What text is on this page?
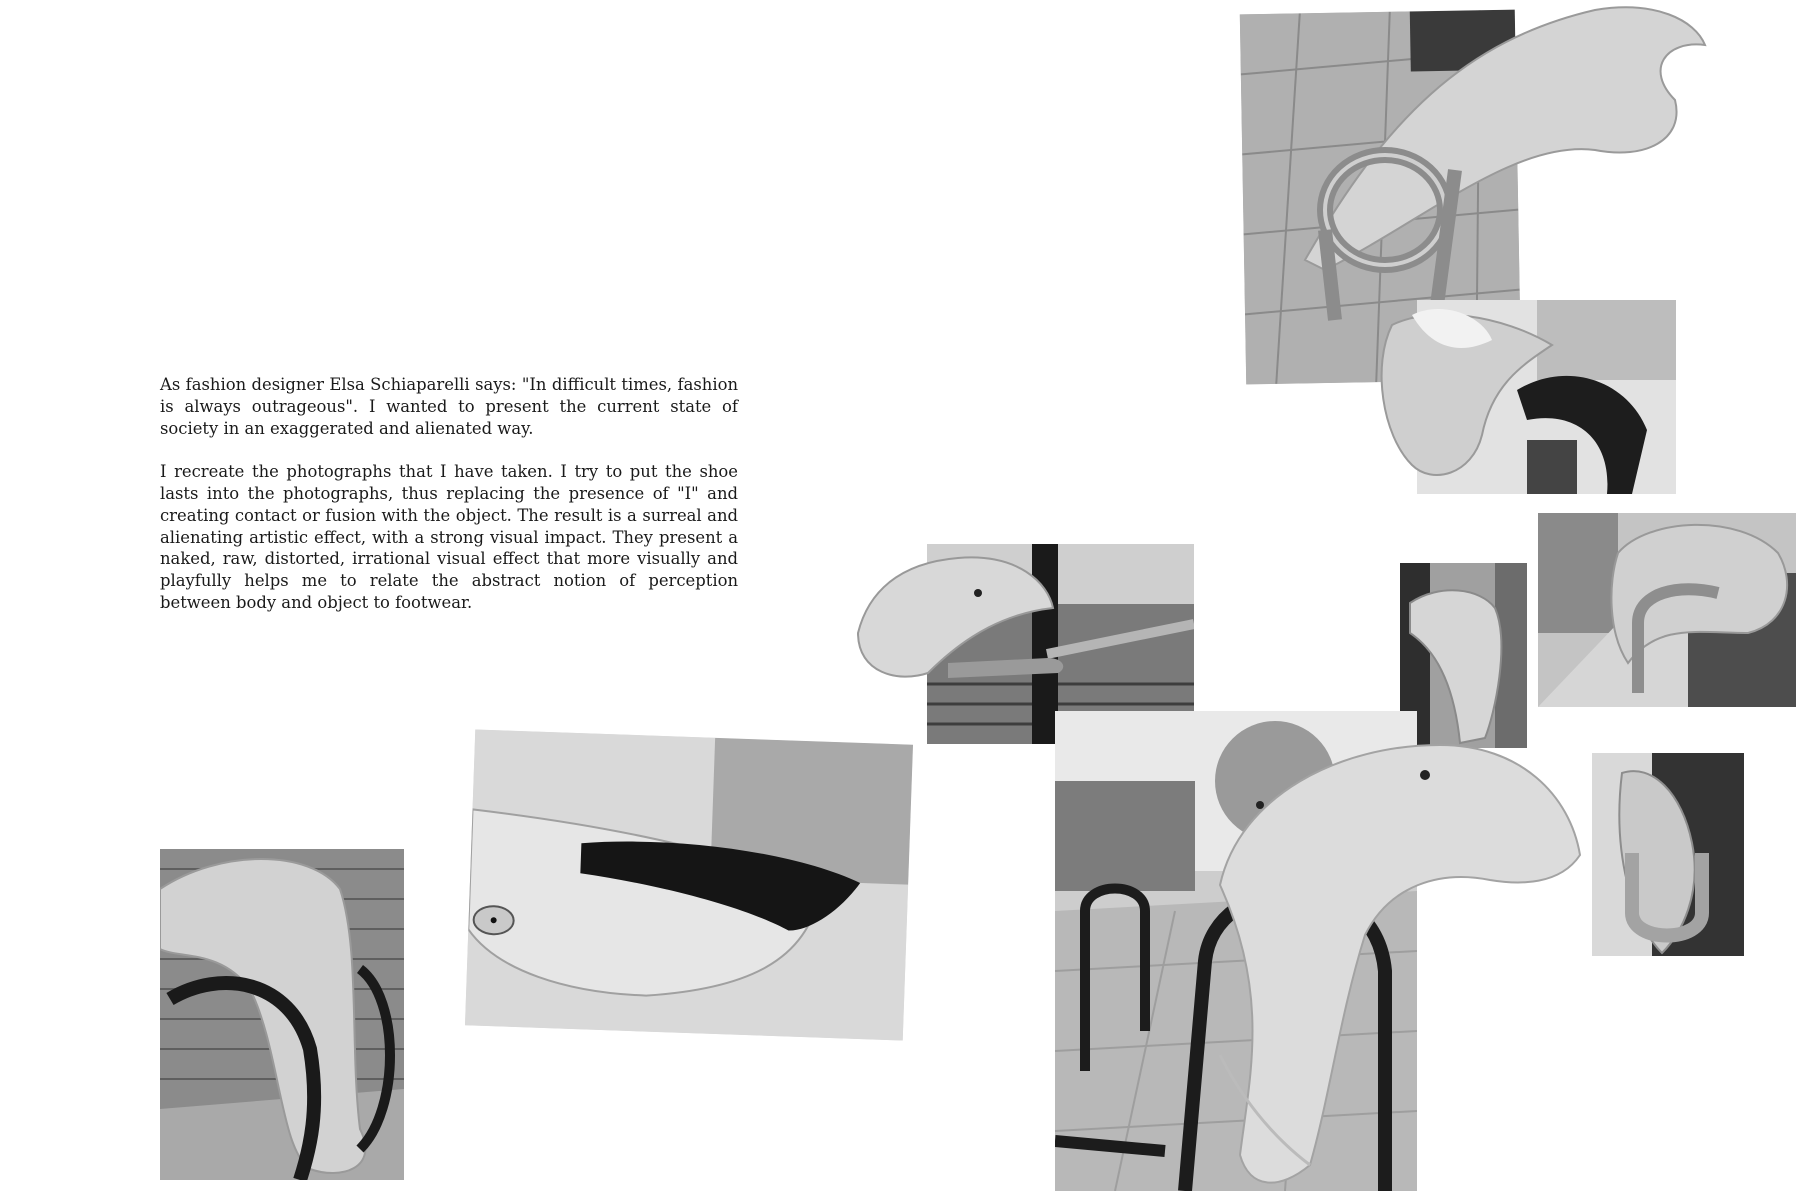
As fashion designer Elsa Schiaparelli says: "In difficult times, fashion is always outrageous". I wanted to present the current state of society in an exaggerated and alienated way.

I recreate the photographs that I have taken. I try to put the shoe lasts into the photographs, thus replacing the presence of "I" and creating contact or fusion with the object. The result is a surreal and alienating artistic effect, with a strong visual impact. They present a naked, raw, distorted, irrational visual effect that more visually and playfully helps me to relate the abstract notion of perception between body and object to footwear.
